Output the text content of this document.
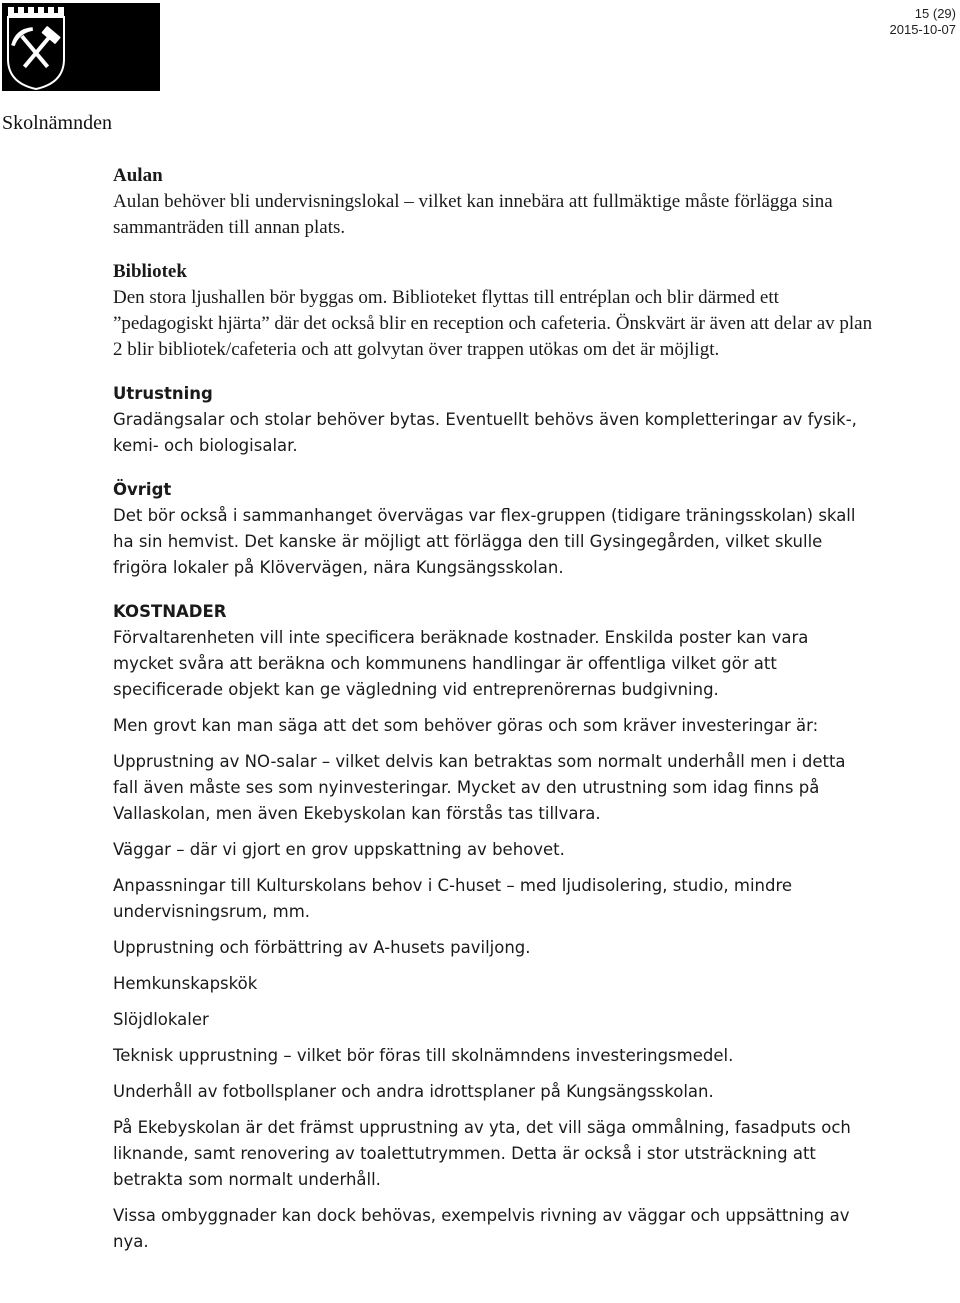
15 (29)
2015-10-07
Skolnämnden
Aulan

Aulan behöver bli undervisningslokal – vilket kan innebära att fullmäktige måste förlägga sina sammanträden till annan plats.

Bibliotek

Den stora ljushallen bör byggas om. Biblioteket flyttas till entréplan och blir därmed ett ”pedagogiskt hjärta” där det också blir en reception och cafeteria. Önskvärt är även att delar av plan 2 blir bibliotek/cafeteria och att golvytan över trappen utökas om det är möjligt.

Utrustning

Gradängsalar och stolar behöver bytas. Eventuellt behövs även kompletteringar av fysik-, kemi- och biologisalar.

Övrigt

Det bör också i sammanhanget övervägas var flex-gruppen (tidigare träningsskolan) skall ha sin hemvist. Det kanske är möjligt att förlägga den till Gysingegården, vilket skulle frigöra lokaler på Klövervägen, nära Kungsängsskolan.

KOSTNADER

Förvaltarenheten vill inte specificera beräknade kostnader. Enskilda poster kan vara mycket svåra att beräkna och kommunens handlingar är offentliga vilket gör att specificerade objekt kan ge vägledning vid entreprenörernas budgivning.

Men grovt kan man säga att det som behöver göras och som kräver investeringar är:

Upprustning av NO-salar – vilket delvis kan betraktas som normalt underhåll men i detta fall även måste ses som nyinvesteringar. Mycket av den utrustning som idag finns på Vallaskolan, men även Ekebyskolan kan förstås tas tillvara.

Väggar – där vi gjort en grov uppskattning av behovet.

Anpassningar till Kulturskolans behov i C-huset – med ljudisolering, studio, mindre undervisningsrum, mm.

Upprustning och förbättring av A-husets paviljong.

Hemkunskapskök

Slöjdlokaler

Teknisk upprustning – vilket bör föras till skolnämndens investeringsmedel.

Underhåll av fotbollsplaner och andra idrottsplaner på Kungsängsskolan.

På Ekebyskolan är det främst upprustning av yta, det vill säga ommålning, fasadputs och liknande, samt renovering av toalettutrymmen. Detta är också i stor utsträckning att betrakta som normalt underhåll.

Vissa ombyggnader kan dock behövas, exempelvis rivning av väggar och uppsättning av nya.
